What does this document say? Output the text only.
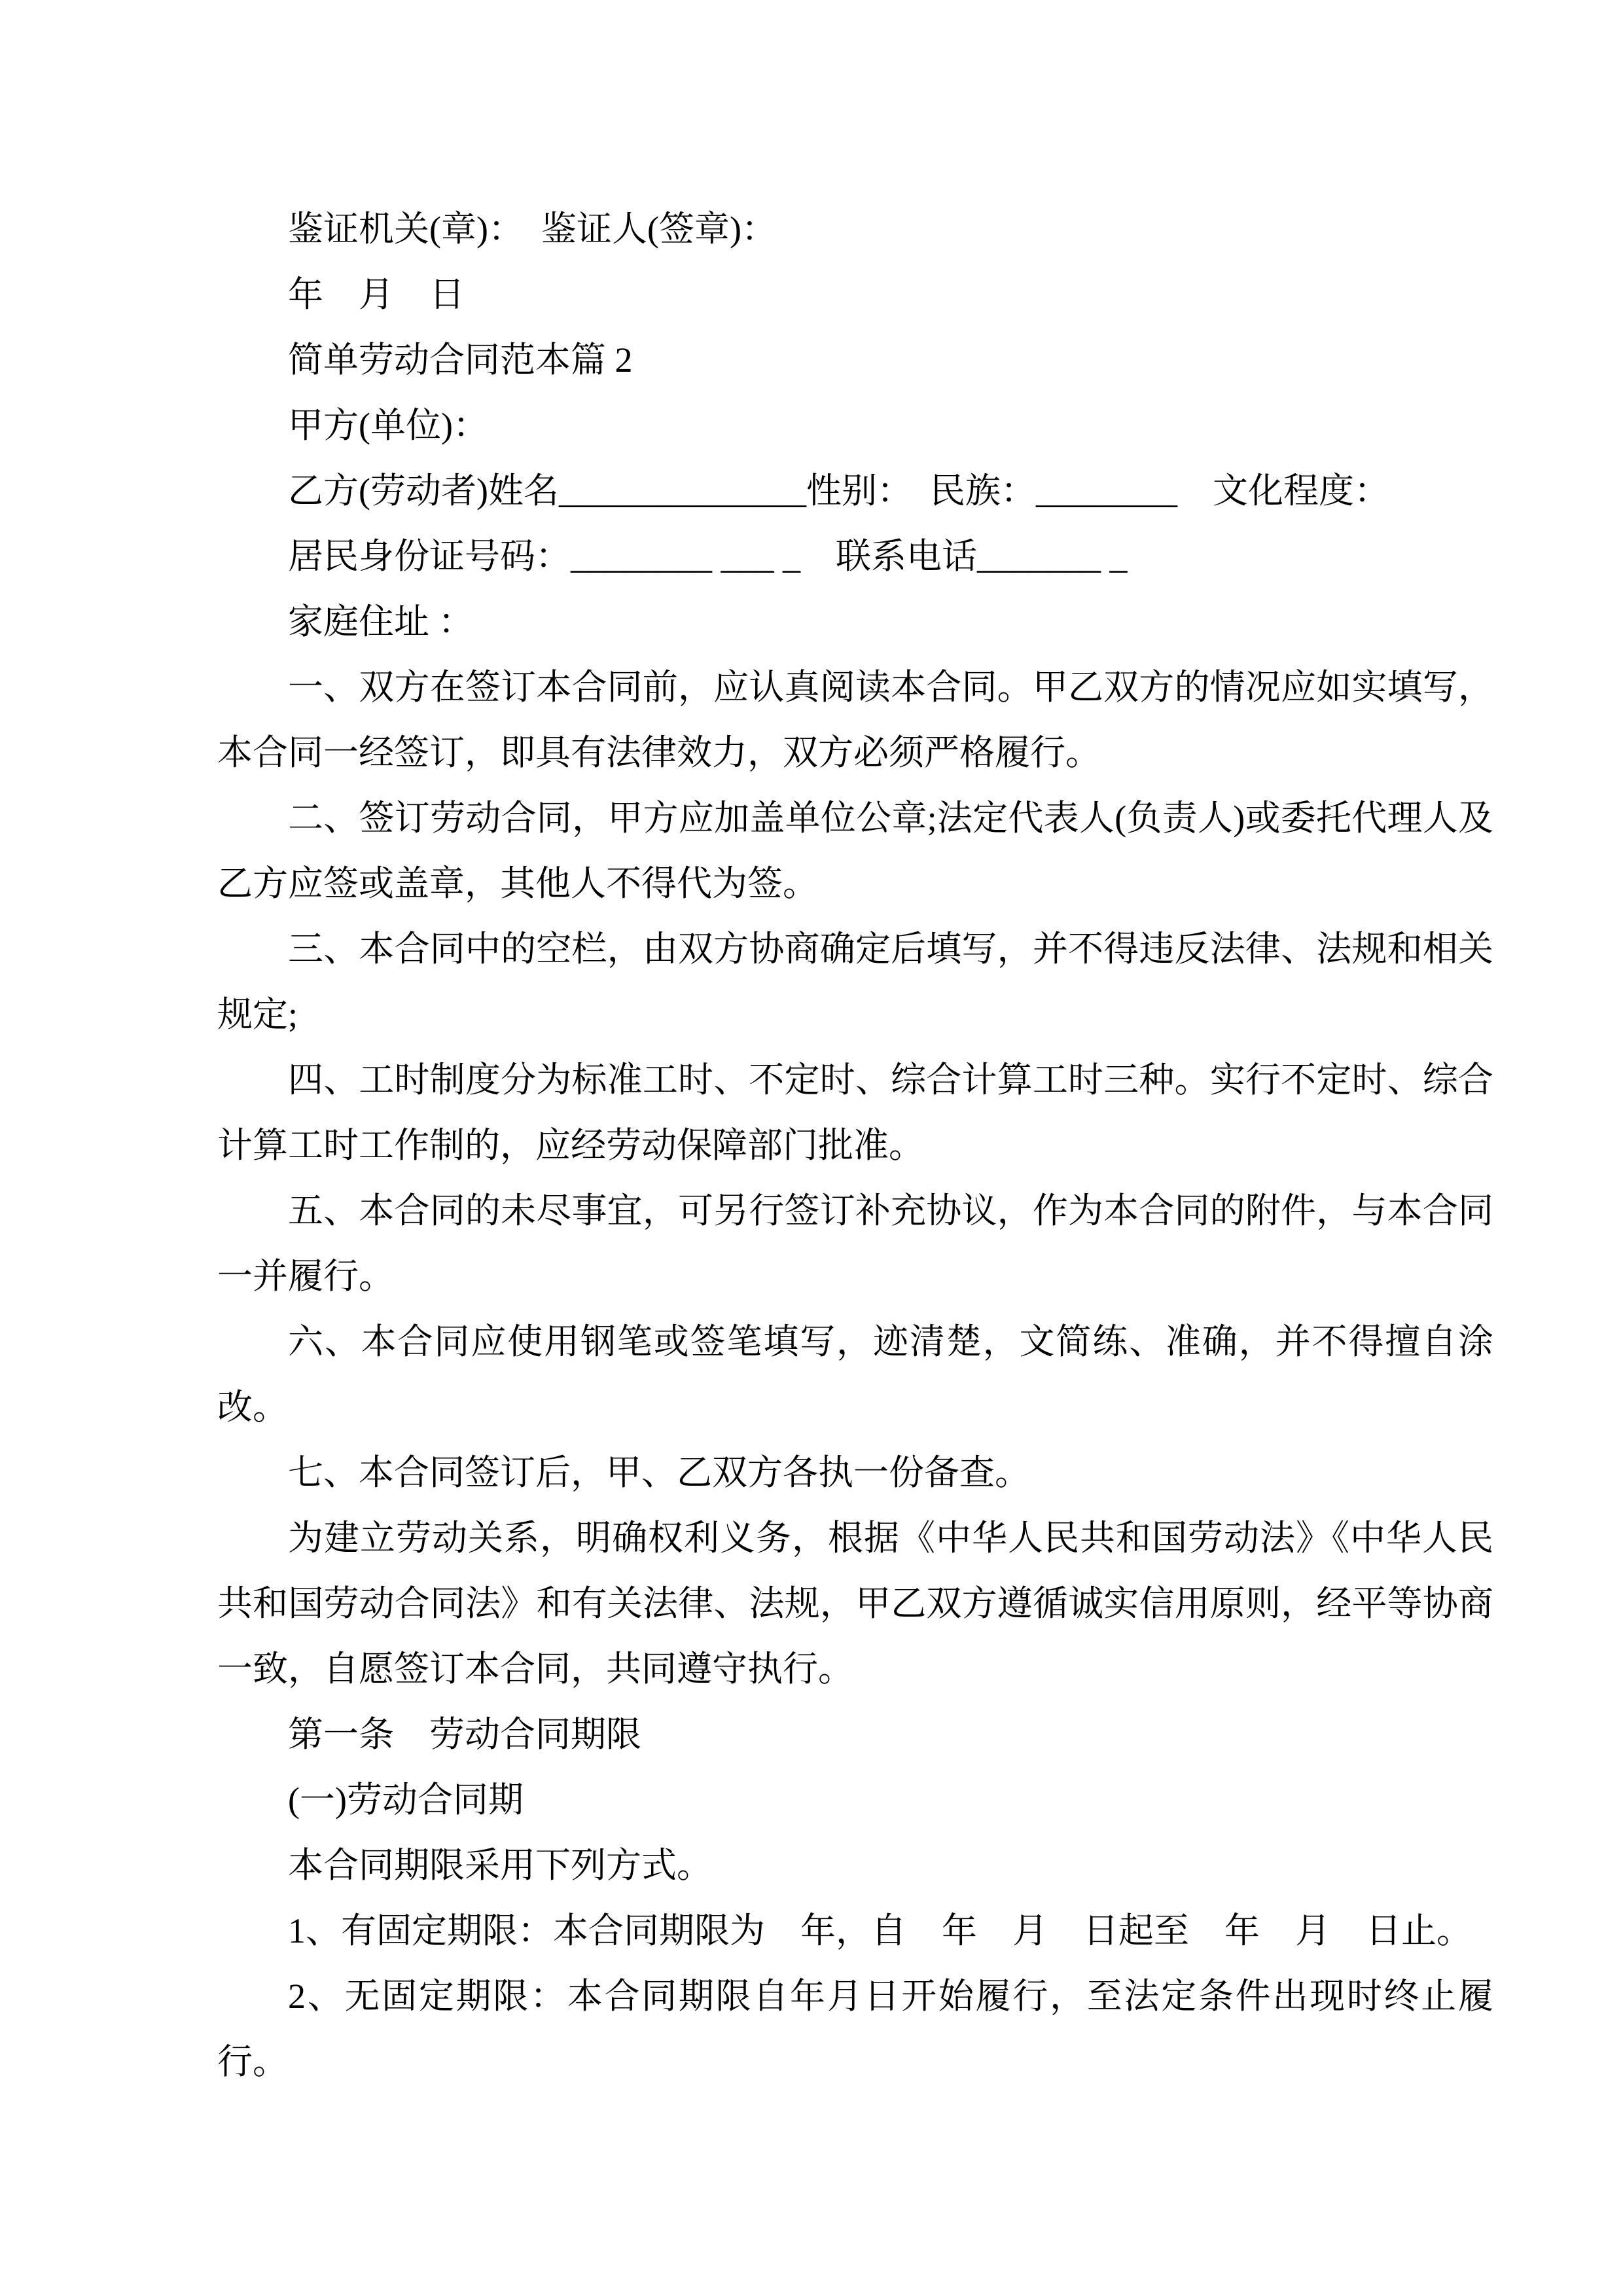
鉴证机关(章)：　鉴证人(签章)：

年　月　日

简单劳动合同范本篇 2

甲方(单位)：

乙方(劳动者)姓名______________性别：　民族：________　文化程度：

居民身份证号码：________ ___ _　联系电话_______ _

家庭住址 ：

一、双方在签订本合同前，应认真阅读本合同。甲乙双方的情况应如实填写，本合同一经签订，即具有法律效力，双方必须严格履行。

二、签订劳动合同，甲方应加盖单位公章;法定代表人(负责人)或委托代理人及乙方应签或盖章，其他人不得代为签。

三、本合同中的空栏，由双方协商确定后填写，并不得违反法律、法规和相关规定;

四、工时制度分为标准工时、不定时、综合计算工时三种。实行不定时、综合计算工时工作制的，应经劳动保障部门批准。

五、本合同的未尽事宜，可另行签订补充协议，作为本合同的附件，与本合同一并履行。

六、本合同应使用钢笔或签笔填写，迹清楚，文简练、准确，并不得擅自涂改。

七、本合同签订后，甲、乙双方各执一份备查。

为建立劳动关系，明确权利义务，根据《中华人民共和国劳动法》《中华人民共和国劳动合同法》和有关法律、法规，甲乙双方遵循诚实信用原则，经平等协商一致，自愿签订本合同，共同遵守执行。

第一条　劳动合同期限

(一)劳动合同期

本合同期限采用下列方式。

1、有固定期限：本合同期限为　年，自　年　月　日起至　年　月　日止。

2、无固定期限：本合同期限自年月日开始履行，至法定条件出现时终止履行。
